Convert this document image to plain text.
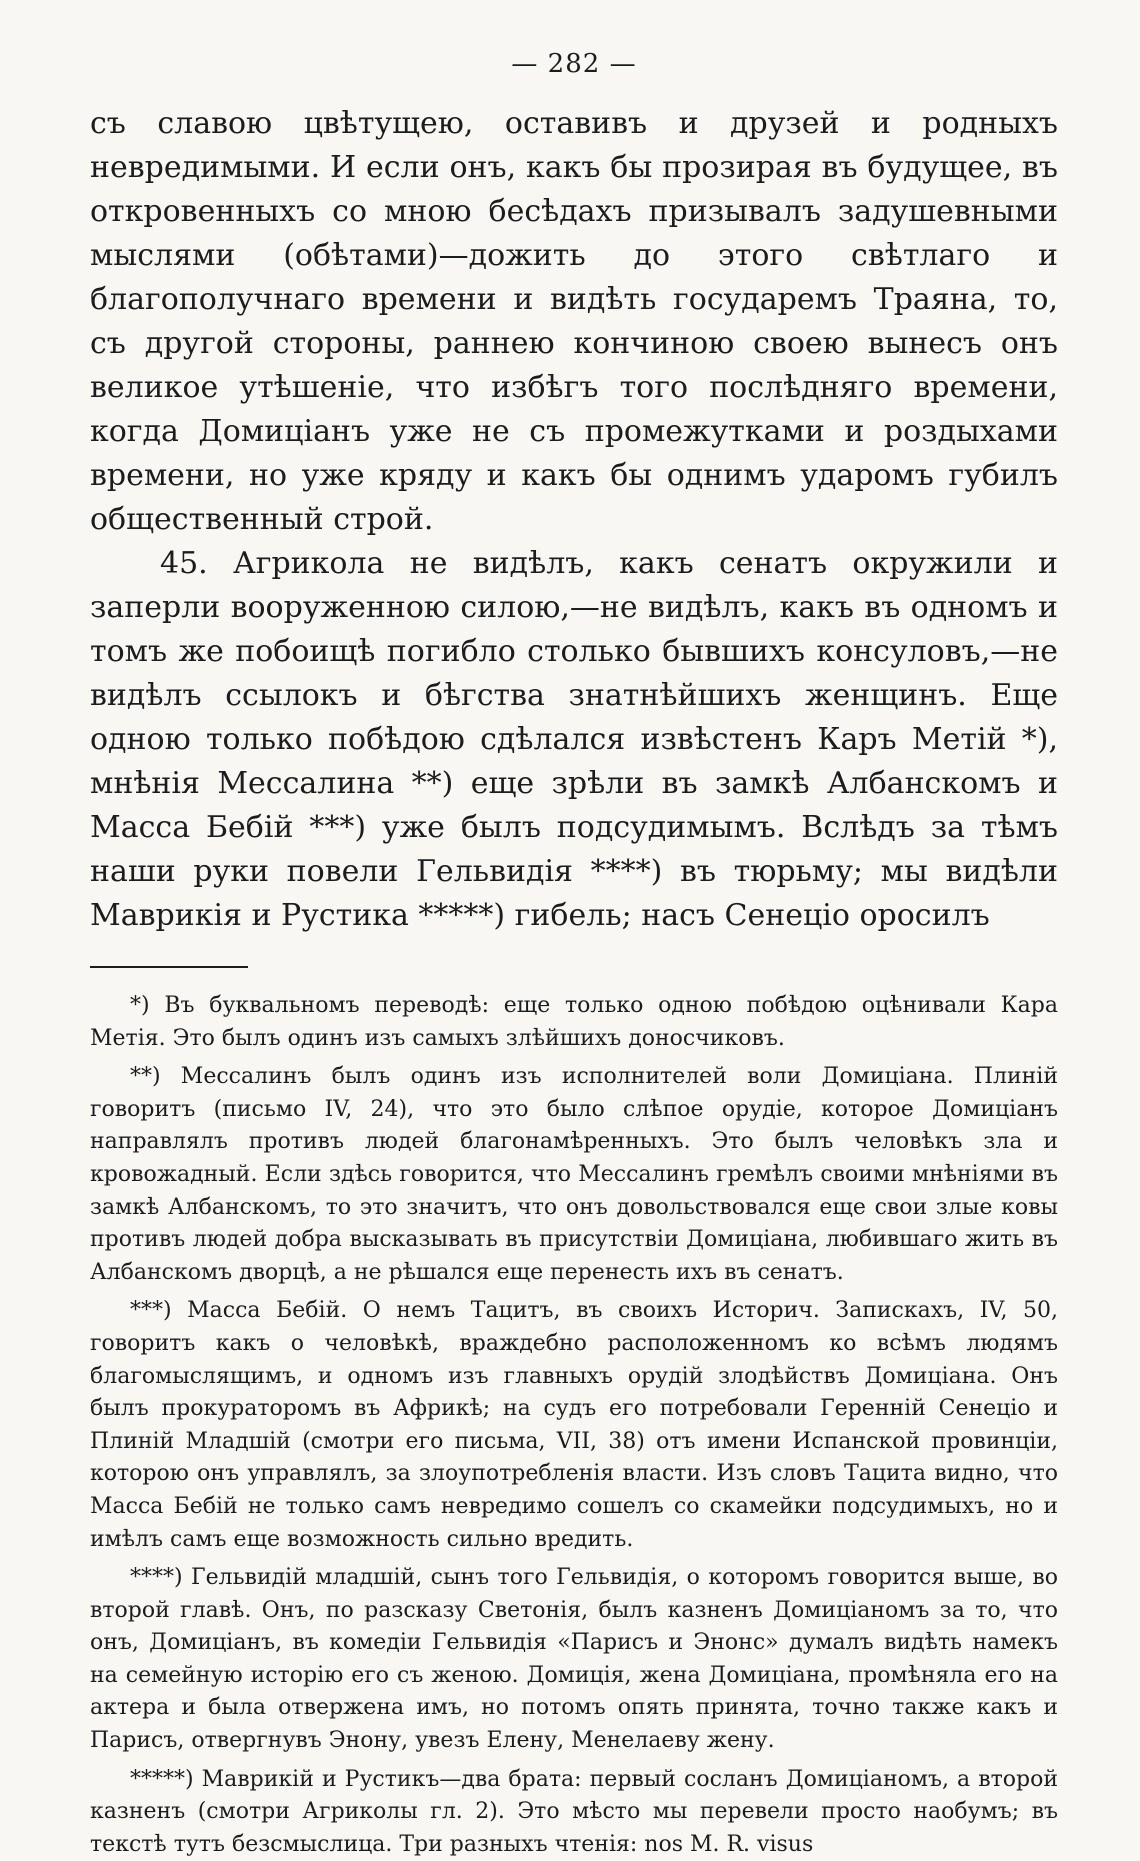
— 282 —

съ славою цвѣтущею, оставивъ и друзей и родныхъ невредимыми. И если онъ, какъ бы прозирая въ будущее, въ откровенныхъ со мною бесѣдахъ призывалъ задушевными мыслями (обѣтами)—дожить до этого свѣтлаго и благополучнаго времени и видѣть государемъ Траяна, то, съ другой стороны, раннею кончиною своею вынесъ онъ великое утѣшеніе, что избѣгъ того послѣдняго времени, когда Домиціанъ уже не съ промежутками и роздыхами времени, но уже кряду и какъ бы однимъ ударомъ губилъ общественный строй.

45. Агрикола не видѣлъ, какъ сенатъ окружили и заперли вооруженною силою,—не видѣлъ, какъ въ одномъ и томъ же побоищѣ погибло столько бывшихъ консуловъ,—не видѣлъ ссылокъ и бѣгства знатнѣйшихъ женщинъ. Еще одною только побѣдою сдѣлался извѣстенъ Каръ Метій *), мнѣнія Мессалина **) еще зрѣли въ замкѣ Албанскомъ и Масса Бебій ***) уже былъ подсудимымъ. Вслѣдъ за тѣмъ наши руки повели Гельвидія ****) въ тюрьму; мы видѣли Маврикія и Рустика *****) гибель; насъ Сенеціо оросилъ

*) Въ буквальномъ переводѣ: еще только одною побѣдою оцѣнивали Кара Метія. Это былъ одинъ изъ самыхъ злѣйшихъ доносчиковъ.

**) Мессалинъ былъ одинъ изъ исполнителей воли Домиціана. Плиній говоритъ (письмо IV, 24), что это было слѣпое орудіе, которое Домиціанъ направлялъ противъ людей благонамѣренныхъ. Это былъ человѣкъ зла и кровожадный. Если здѣсь говорится, что Мессалинъ гремѣлъ своими мнѣніями въ замкѣ Албанскомъ, то это значитъ, что онъ довольствовался еще свои злые ковы противъ людей добра высказывать въ присутствіи Домиціана, любившаго жить въ Албанскомъ дворцѣ, а не рѣшался еще перенесть ихъ въ сенатъ.

***) Масса Бебій. О немъ Тацитъ, въ своихъ Историч. Запискахъ, IV, 50, говоритъ какъ о человѣкѣ, враждебно расположенномъ ко всѣмъ людямъ благомыслящимъ, и одномъ изъ главныхъ орудій злодѣйствъ Домиціана. Онъ былъ прокураторомъ въ Африкѣ; на судъ его потребовали Геренній Сенеціо и Плиній Младшій (смотри его письма, VII, 38) отъ имени Испанской провинціи, которою онъ управлялъ, за злоупотребленія власти. Изъ словъ Тацита видно, что Масса Бебій не только самъ невредимо сошелъ со скамейки подсудимыхъ, но и имѣлъ самъ еще возможность сильно вредить.

****) Гельвидій младшій, сынъ того Гельвидія, о которомъ говорится выше, во второй главѣ. Онъ, по разсказу Светонія, былъ казненъ Домиціаномъ за то, что онъ, Домиціанъ, въ комедіи Гельвидія «Парисъ и Энонс» думалъ видѣть намекъ на семейную исторію его съ женою. Домиція, жена Домиціана, промѣняла его на актера и была отвержена имъ, но потомъ опять принята, точно также какъ и Парисъ, отвергнувъ Энону, увезъ Елену, Менелаеву жену.

*****) Маврикій и Рустикъ—два брата: первый сосланъ Домиціаномъ, а второй казненъ (смотри Агриколы гл. 2). Это мѣсто мы перевели просто наобумъ; въ текстѣ тутъ безсмыслица. Три разныхъ чтенія: nos M. R. visus
